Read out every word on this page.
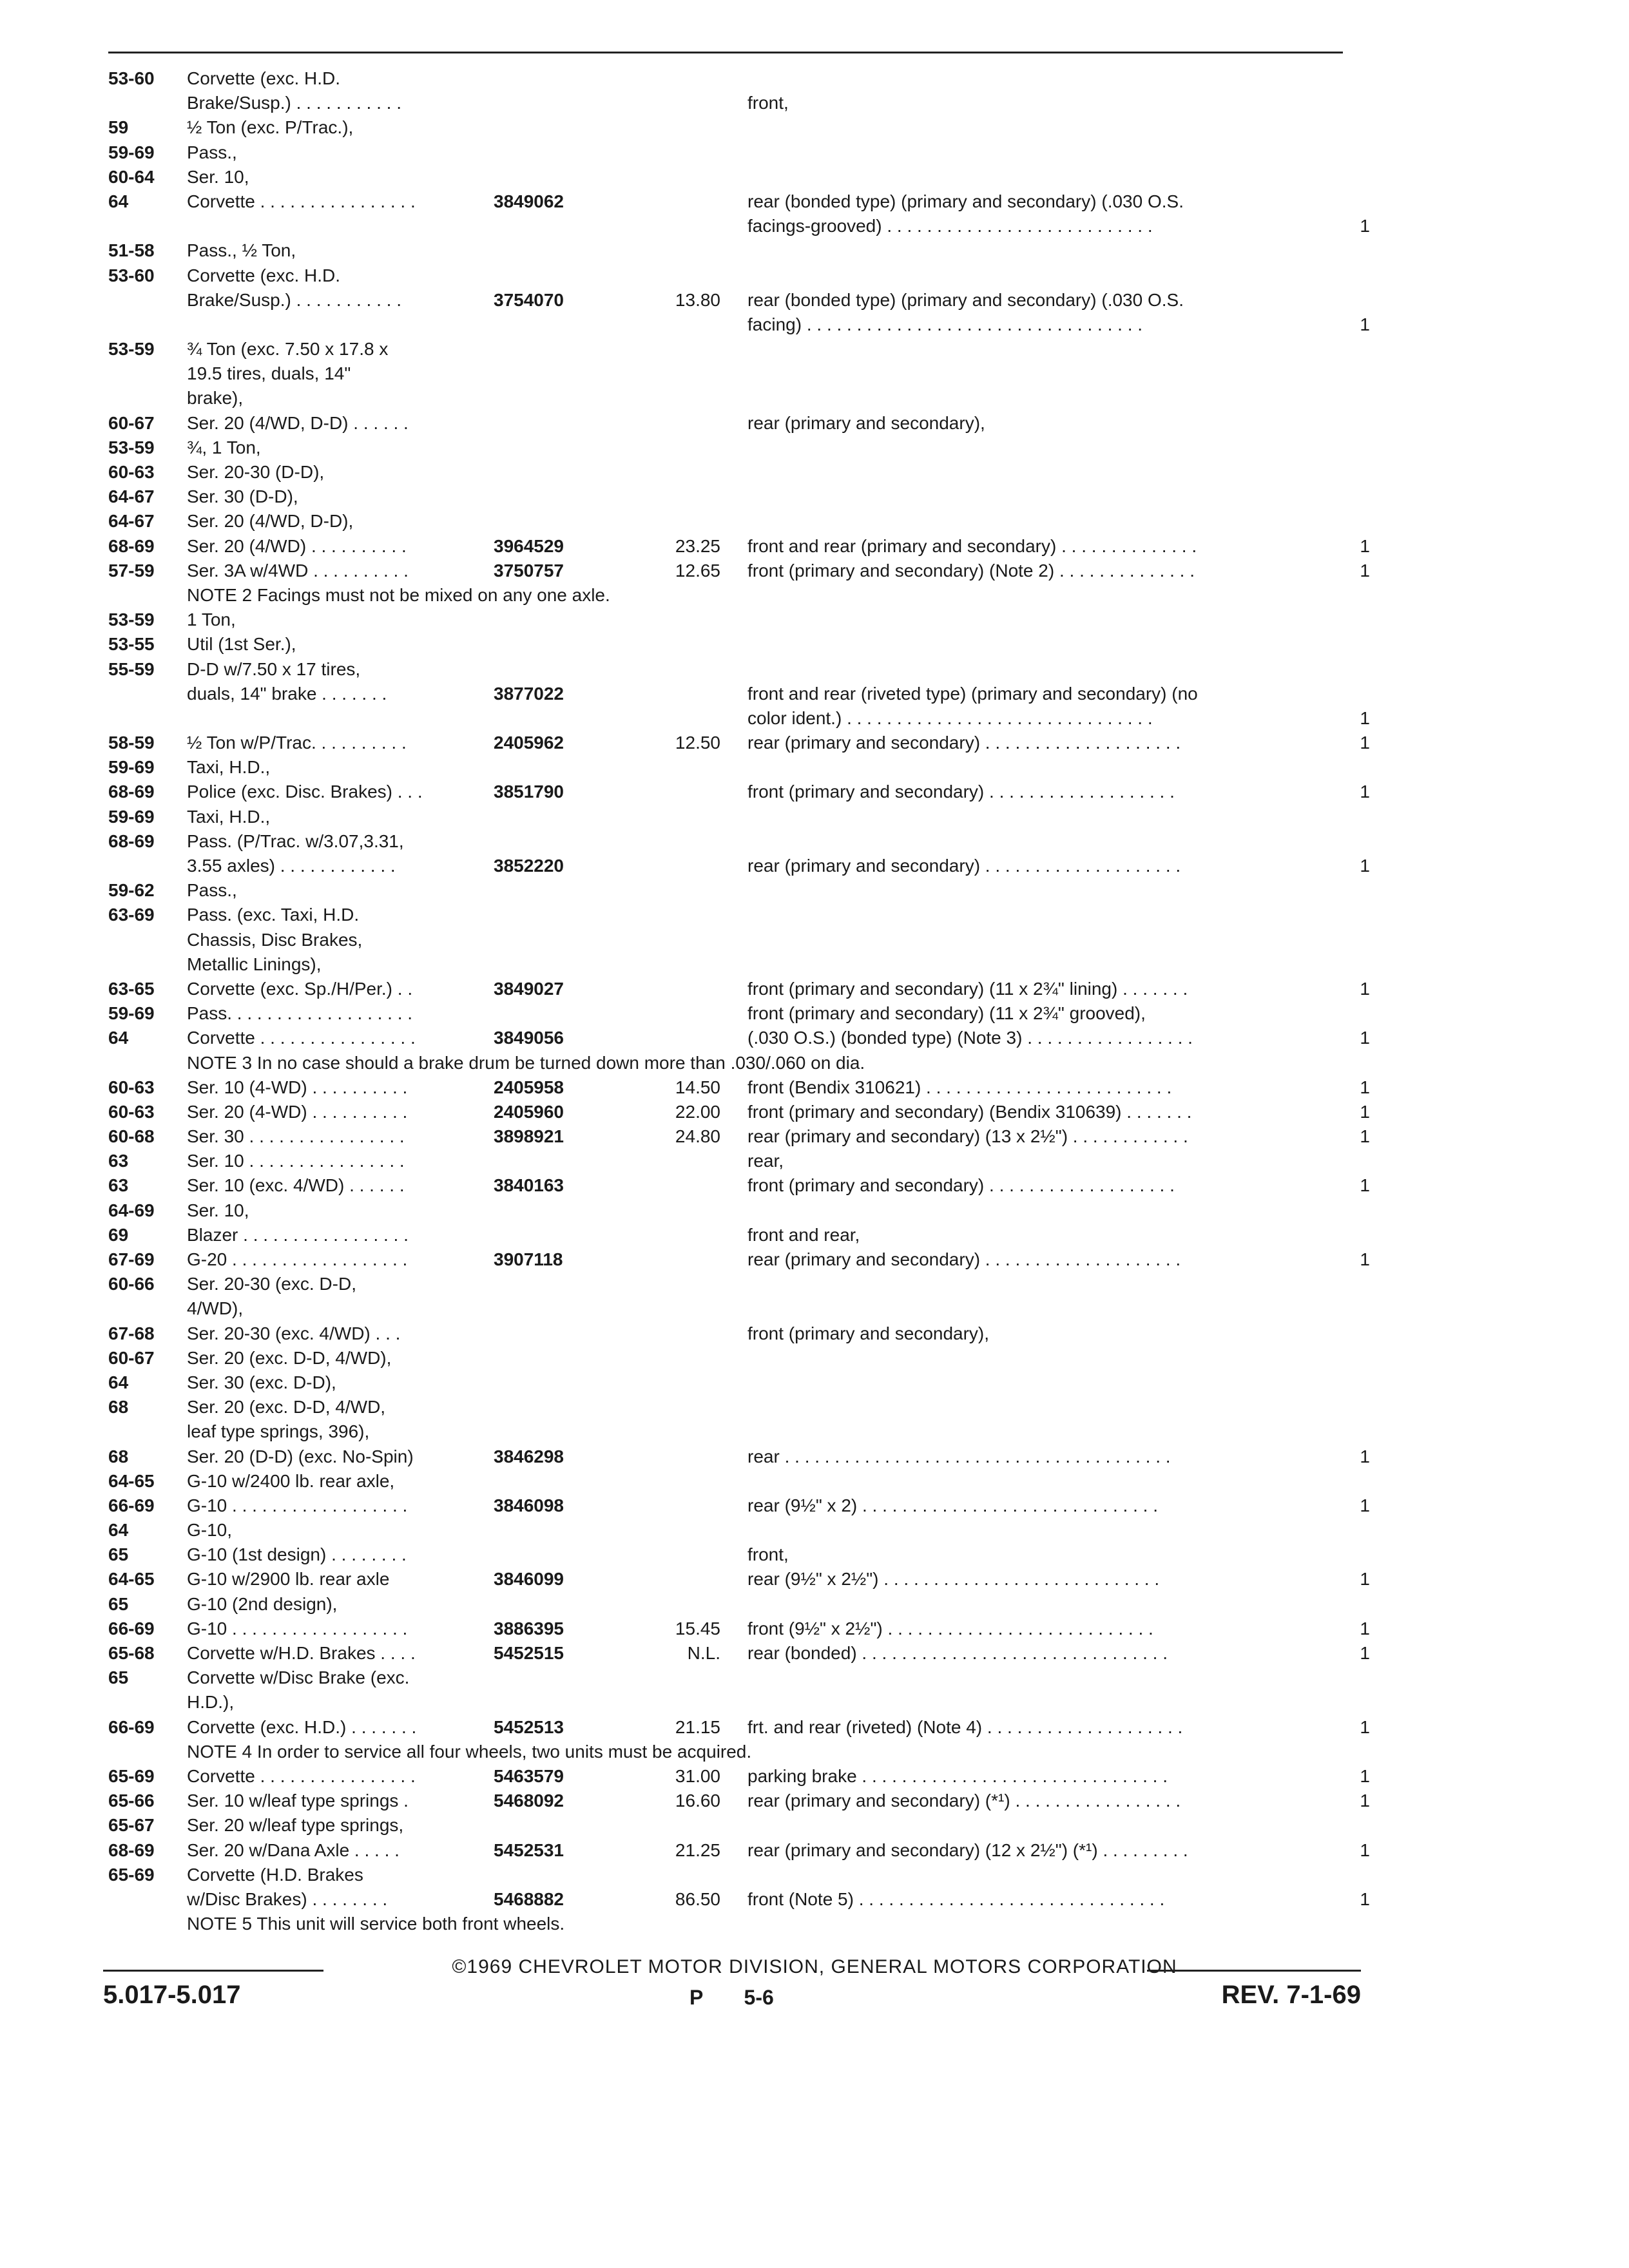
53-60 Corvette (exc. H.D.
Brake/Susp.) . . . . . . . . . . .	front,
59	½ Ton (exc. P/Trac.),
59-69 Pass.,
60-64 Ser. 10,
64	Corvette . . . . . . . . . . . . . . . .	3849062	rear (bonded type) (primary and secondary) (.030 O.S.
facings-grooved) . . . . . . . . . . . . . . . . . . . . . . . . . . .	1
51-58 Pass., ½ Ton,
53-60 Corvette (exc. H.D.
Brake/Susp.) . . . . . . . . . . .	3754070	13.80 rear (bonded type) (primary and secondary) (.030 O.S.
facing) . . . . . . . . . . . . . . . . . . . . . . . . . . . . . . . . . .	1
53-59 ¾ Ton (exc. 7.50 x 17.8 x
19.5 tires, duals, 14"
brake),
60-67 Ser. 20 (4/WD, D-D) . . . . . .	rear (primary and secondary),
53-59 ¾, 1 Ton,
60-63 Ser. 20-30 (D-D),
64-67 Ser. 30 (D-D),
64-67 Ser. 20 (4/WD, D-D),
68-69 Ser. 20 (4/WD) . . . . . . . . . .	3964529	23.25 front and rear (primary and secondary) . . . . . . . . . . . . . .	1
57-59 Ser. 3A w/4WD . . . . . . . . . .	3750757	12.65 front (primary and secondary) (Note 2) . . . . . . . . . . . . . .	1
NOTE 2 Facings must not be mixed on any one axle.
53-59 1 Ton,
53-55 Util (1st Ser.),
55-59 D-D w/7.50 x 17 tires,
duals, 14" brake . . . . . . .	3877022	front and rear (riveted type) (primary and secondary) (no
color ident.) . . . . . . . . . . . . . . . . . . . . . . . . . . . . . . .	1
58-59 ½ Ton w/P/Trac. . . . . . . . . .	2405962	12.50 rear (primary and secondary) . . . . . . . . . . . . . . . . . . . .	1
59-69 Taxi, H.D.,
68-69 Police (exc. Disc. Brakes) . . .	3851790	front (primary and secondary) . . . . . . . . . . . . . . . . . . .	1
59-69 Taxi, H.D.,
68-69 Pass. (P/Trac. w/3.07,3.31,
3.55 axles) . . . . . . . . . . . .	3852220	rear (primary and secondary) . . . . . . . . . . . . . . . . . . . .	1
59-62 Pass.,
63-69 Pass. (exc. Taxi, H.D.
Chassis, Disc Brakes,
Metallic Linings),
63-65 Corvette (exc. Sp./H/Per.) . .	3849027	front (primary and secondary) (11 x 2¾" lining) . . . . . . .	1
59-69 Pass. . . . . . . . . . . . . . . . . . .	front (primary and secondary) (11 x 2¾" grooved),
64	Corvette . . . . . . . . . . . . . . . .	3849056	(.030 O.S.) (bonded type) (Note 3) . . . . . . . . . . . . . . . . .	1
NOTE 3 In no case should a brake drum be turned down more than .030/.060 on dia.
60-63 Ser. 10 (4-WD) . . . . . . . . . .	2405958	14.50 front (Bendix 310621) . . . . . . . . . . . . . . . . . . . . . . . . .	1
60-63 Ser. 20 (4-WD) . . . . . . . . . .	2405960	22.00 front (primary and secondary) (Bendix 310639) . . . . . . .	1
60-68 Ser. 30 . . . . . . . . . . . . . . . .	3898921	24.80 rear (primary and secondary) (13 x 2½") . . . . . . . . . . . .	1
63	Ser. 10 . . . . . . . . . . . . . . . .	rear,
63	Ser. 10 (exc. 4/WD) . . . . . .	3840163	front (primary and secondary) . . . . . . . . . . . . . . . . . . .	1
64-69 Ser. 10,
69	Blazer . . . . . . . . . . . . . . . . .	front and rear,
67-69 G-20 . . . . . . . . . . . . . . . . . .	3907118	rear (primary and secondary) . . . . . . . . . . . . . . . . . . . .	1
60-66 Ser. 20-30 (exc. D-D,
4/WD),
67-68 Ser. 20-30 (exc. 4/WD) . . .	front (primary and secondary),
60-67 Ser. 20 (exc. D-D, 4/WD),
64	Ser. 30 (exc. D-D),
68	Ser. 20 (exc. D-D, 4/WD,
leaf type springs, 396),
68	Ser. 20 (D-D) (exc. No-Spin)	3846298	rear . . . . . . . . . . . . . . . . . . . . . . . . . . . . . . . . . . . . . . .	1
64-65 G-10 w/2400 lb. rear axle,
66-69 G-10 . . . . . . . . . . . . . . . . . .	3846098	rear (9½" x 2) . . . . . . . . . . . . . . . . . . . . . . . . . . . . . .	1
64	G-10,
65	G-10 (1st design) . . . . . . . .	front,
64-65 G-10 w/2900 lb. rear axle	3846099	rear (9½" x 2½") . . . . . . . . . . . . . . . . . . . . . . . . . . . .	1
65	G-10 (2nd design),
66-69 G-10 . . . . . . . . . . . . . . . . . .	3886395	15.45 front (9½" x 2½") . . . . . . . . . . . . . . . . . . . . . . . . . . .	1
65-68 Corvette w/H.D. Brakes . . . .	5452515	N.L. rear (bonded) . . . . . . . . . . . . . . . . . . . . . . . . . . . . . . .	1
65	Corvette w/Disc Brake (exc.
H.D.),
66-69 Corvette (exc. H.D.) . . . . . . .	5452513	21.15 frt. and rear (riveted) (Note 4) . . . . . . . . . . . . . . . . . . . .	1
NOTE 4 In order to service all four wheels, two units must be acquired.
65-69 Corvette . . . . . . . . . . . . . . . .	5463579	31.00 parking brake . . . . . . . . . . . . . . . . . . . . . . . . . . . . . . .	1
65-66 Ser. 10 w/leaf type springs .	5468092	16.60 rear (primary and secondary) (*¹) . . . . . . . . . . . . . . . . .	1
65-67 Ser. 20 w/leaf type springs,
68-69 Ser. 20 w/Dana Axle . . . . .	5452531	21.25 rear (primary and secondary) (12 x 2½") (*¹) . . . . . . . . .	1
65-69 Corvette (H.D. Brakes
w/Disc Brakes) . . . . . . . .	5468882	86.50 front (Note 5) . . . . . . . . . . . . . . . . . . . . . . . . . . . . . . .	1
NOTE 5 This unit will service both front wheels.
©1969 CHEVROLET MOTOR DIVISION, GENERAL MOTORS CORPORATION
5.017-5.017	P 5-6	REV. 7-1-69
